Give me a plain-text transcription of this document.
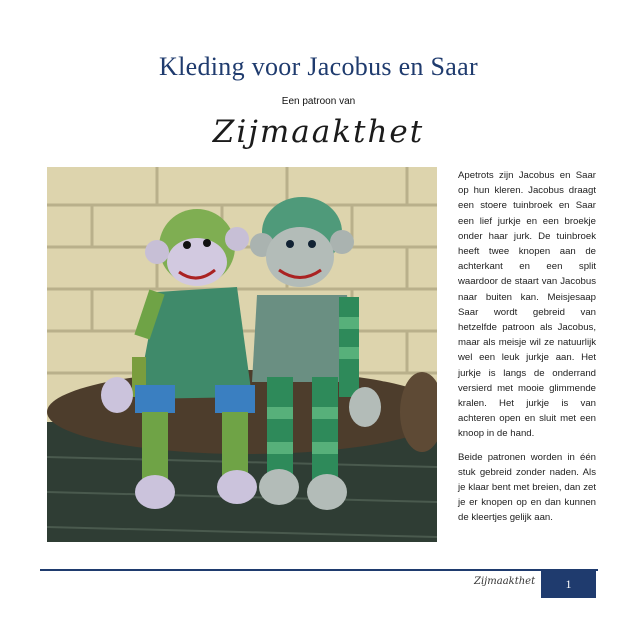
Kleding voor Jacobus en Saar
Een patroon van
Zijmaakthet

Apetrots zijn Jacobus en Saar op hun kleren. Jacobus draagt een stoere tuinbroek en Saar een lief jurkje en een broekje onder haar jurk. De tuinbroek heeft twee knopen aan de achterkant en een split waardoor de staart van Jacobus naar buiten kan. Meisjesaap Saar wordt gebreid van hetzelfde patroon als Jacobus, maar als meisje wil ze natuurlijk wel een leuk jurkje aan. Het jurkje is langs de onderrand versierd met mooie glimmende kralen. Het jurkje is van achteren open en sluit met een knoop in de hand.

Beide patronen worden in één stuk gebreid zonder naden. Als je klaar bent met breien, dan zet je er knopen op en dan kunnen de kleertjes gelijk aan.

Zijmaakthet	1
